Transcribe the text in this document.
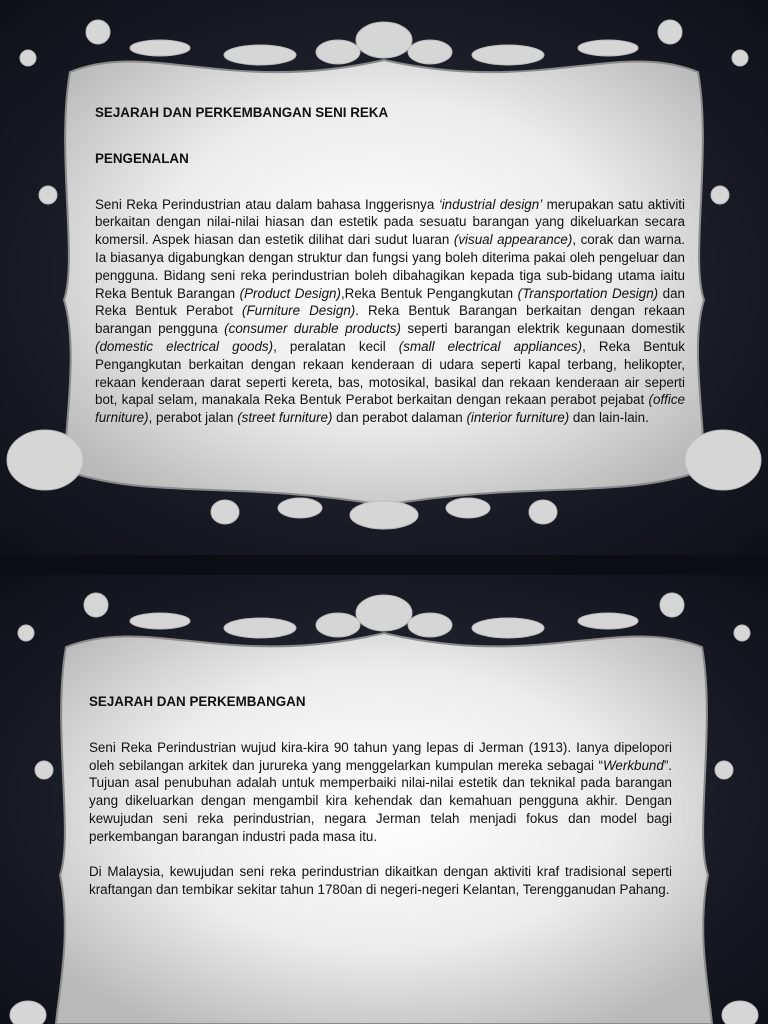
SEJARAH DAN PERKEMBANGAN SENI REKA
PENGENALAN

Seni Reka Perindustrian atau dalam bahasa Inggerisnya ‘industrial design’ merupakan satu aktiviti berkaitan dengan nilai-nilai hiasan dan estetik pada sesuatu barangan yang dikeluarkan secara komersil. Aspek hiasan dan estetik dilihat dari sudut luaran (visual appearance), corak dan warna. Ia biasanya digabungkan dengan struktur dan fungsi yang boleh diterima pakai oleh pengeluar dan pengguna. Bidang seni reka perindustrian boleh dibahagikan kepada tiga sub-bidang utama iaitu Reka Bentuk Barangan (Product Design),Reka Bentuk Pengangkutan (Transportation Design) dan Reka Bentuk Perabot (Furniture Design). Reka Bentuk Barangan berkaitan dengan rekaan barangan pengguna (consumer durable products) seperti barangan elektrik kegunaan domestik (domestic electrical goods), peralatan kecil (small electrical appliances), Reka Bentuk Pengangkutan berkaitan dengan rekaan kenderaan di udara seperti kapal terbang, helikopter, rekaan kenderaan darat seperti kereta, bas, motosikal, basikal dan rekaan kenderaan air seperti bot, kapal selam, manakala Reka Bentuk Perabot berkaitan dengan rekaan perabot pejabat (office furniture), perabot jalan (street furniture) dan perabot dalaman (interior furniture) dan lain-lain.

SEJARAH DAN PERKEMBANGAN

Seni Reka Perindustrian wujud kira-kira 90 tahun yang lepas di Jerman (1913). Ianya dipelopori oleh sebilangan arkitek dan jurureka yang menggelarkan kumpulan mereka sebagai “Werkbund”. Tujuan asal penubuhan adalah untuk memperbaiki nilai-nilai estetik dan teknikal pada barangan yang dikeluarkan dengan mengambil kira kehendak dan kemahuan pengguna akhir. Dengan kewujudan seni reka perindustrian, negara Jerman telah menjadi fokus dan model bagi perkembangan barangan industri pada masa itu.

Di Malaysia, kewujudan seni reka perindustrian dikaitkan dengan aktiviti kraf tradisional seperti kraftangan dan tembikar sekitar tahun 1780an di negeri-negeri Kelantan, Terengganudan Pahang.
